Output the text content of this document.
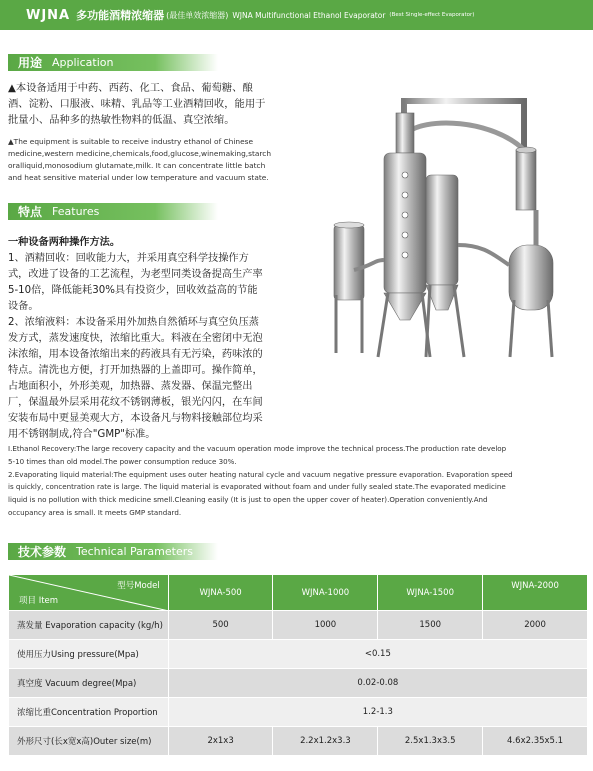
WJNA 多功能酒精浓缩器 (最佳单效浓缩器) WJNA Multifunctional Ethanol Evaporator (Best Single-effect Evaporator)
用途 Application
▲本设备适用于中药、西药、化工、食品、葡萄糖、酿
酒、淀粉、口服液、味精、乳品等工业酒精回收，能用于
批量小、品种多的热敏性物料的低温、真空浓缩。
▲The equipment is suitable to receive industry ethanol of Chinese
medicine,western medicine,chemicals,food,glucose,winemaking,starch
oralliquid,monosodium glutamate,milk. It can concentrate little batch
and heat sensitive material under low temperature and vacuum state.
特点 Features
一种设备两种操作方法。
1、酒精回收：回收能力大，并采用真空科学技操作方
式，改进了设备的工艺流程，为老型同类设备提高生产率
5-10倍，降低能耗30%具有投资少，回收效益高的节能
设备。
2、浓缩液料：本设备采用外加热自然循环与真空负压蒸
发方式，蒸发速度快，浓缩比重大。料液在全密闭中无泡
沫浓缩，用本设备浓缩出来的药液具有无污染，药味浓的
特点。清洗也方便，打开加热器的上盖即可。操作简单，
占地面积小，外形美观，加热器、蒸发器、保温完整出
厂，保温最外层采用花纹不锈钢薄板，银光闪闪，在车间
安装布局中更显美观大方，本设备凡与物料接触部位均采
用不锈钢制成,符合"GMP"标准。
I.Ethanol Recovery:The large recovery capacity and the vacuum operation mode improve the technical process.The production rate develop
5-10 times than old model.The power consumption reduce 30%.
2.Evaporating liquid material:The equipment uses outer heating natural cycle and vacuum negative pressure evaporation. Evaporation speed
is quickly, concentration rate is large. The liquid material is evaporated without foam and under fully sealed state.The evaporated medicine
liquid is no pollution with thick medicine smell.Cleaning easily (It is just to open the upper cover of heater).Operation conveniently.And
occupancy area is small. It meets GMP standard.
技术参数 Technical Parameters
型号Model
项目 Item	WJNA-500	WJNA-1000	WJNA-1500	WJNA-2000
蒸发量 Evaporation capacity (kg/h)	500	1000	1500	2000
使用压力Using pressure(Mpa)	<0.15			
真空度 Vacuum degree(Mpa)	0.02-0.08			
浓缩比重Concentration Proportion	1.2-1.3			
外形尺寸(长x宽x高)Outer size(m)	2x1x3	2.2x1.2x3.3	2.5x1.3x3.5	4.6x2.35x5.1
